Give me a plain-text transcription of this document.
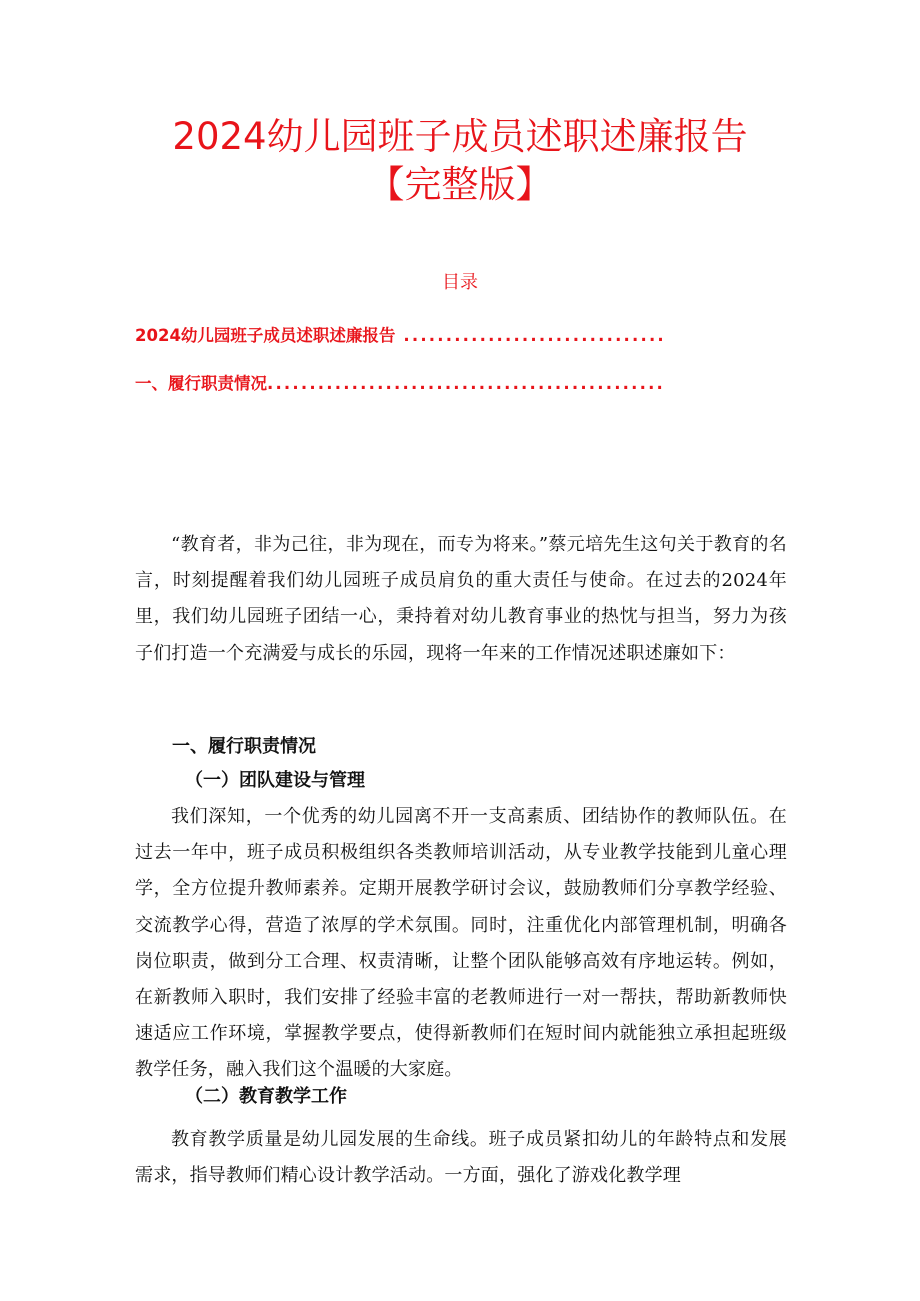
2024幼儿园班子成员述职述廉报告
【完整版】
目录
2024幼儿园班子成员述职述廉报告 ...............................
一、履行职责情况...............................................

“教育者，非为己往，非为现在，而专为将来。”蔡元培先生这句关于教育的名言，时刻提醒着我们幼儿园班子成员肩负的重大责任与使命。在过去的2024年里，我们幼儿园班子团结一心，秉持着对幼儿教育事业的热忱与担当，努力为孩子们打造一个充满爱与成长的乐园，现将一年来的工作情况述职述廉如下：

一、履行职责情况
（一）团队建设与管理

我们深知，一个优秀的幼儿园离不开一支高素质、团结协作的教师队伍。在过去一年中，班子成员积极组织各类教师培训活动，从专业教学技能到儿童心理学，全方位提升教师素养。定期开展教学研讨会议，鼓励教师们分享教学经验、交流教学心得，营造了浓厚的学术氛围。同时，注重优化内部管理机制，明确各岗位职责，做到分工合理、权责清晰，让整个团队能够高效有序地运转。例如，在新教师入职时，我们安排了经验丰富的老教师进行一对一帮扶，帮助新教师快速适应工作环境，掌握教学要点，使得新教师们在短时间内就能独立承担起班级教学任务，融入我们这个温暖的大家庭。

（二）教育教学工作

教育教学质量是幼儿园发展的生命线。班子成员紧扣幼儿的年龄特点和发展需求，指导教师们精心设计教学活动。一方面，强化了游戏化教学理
